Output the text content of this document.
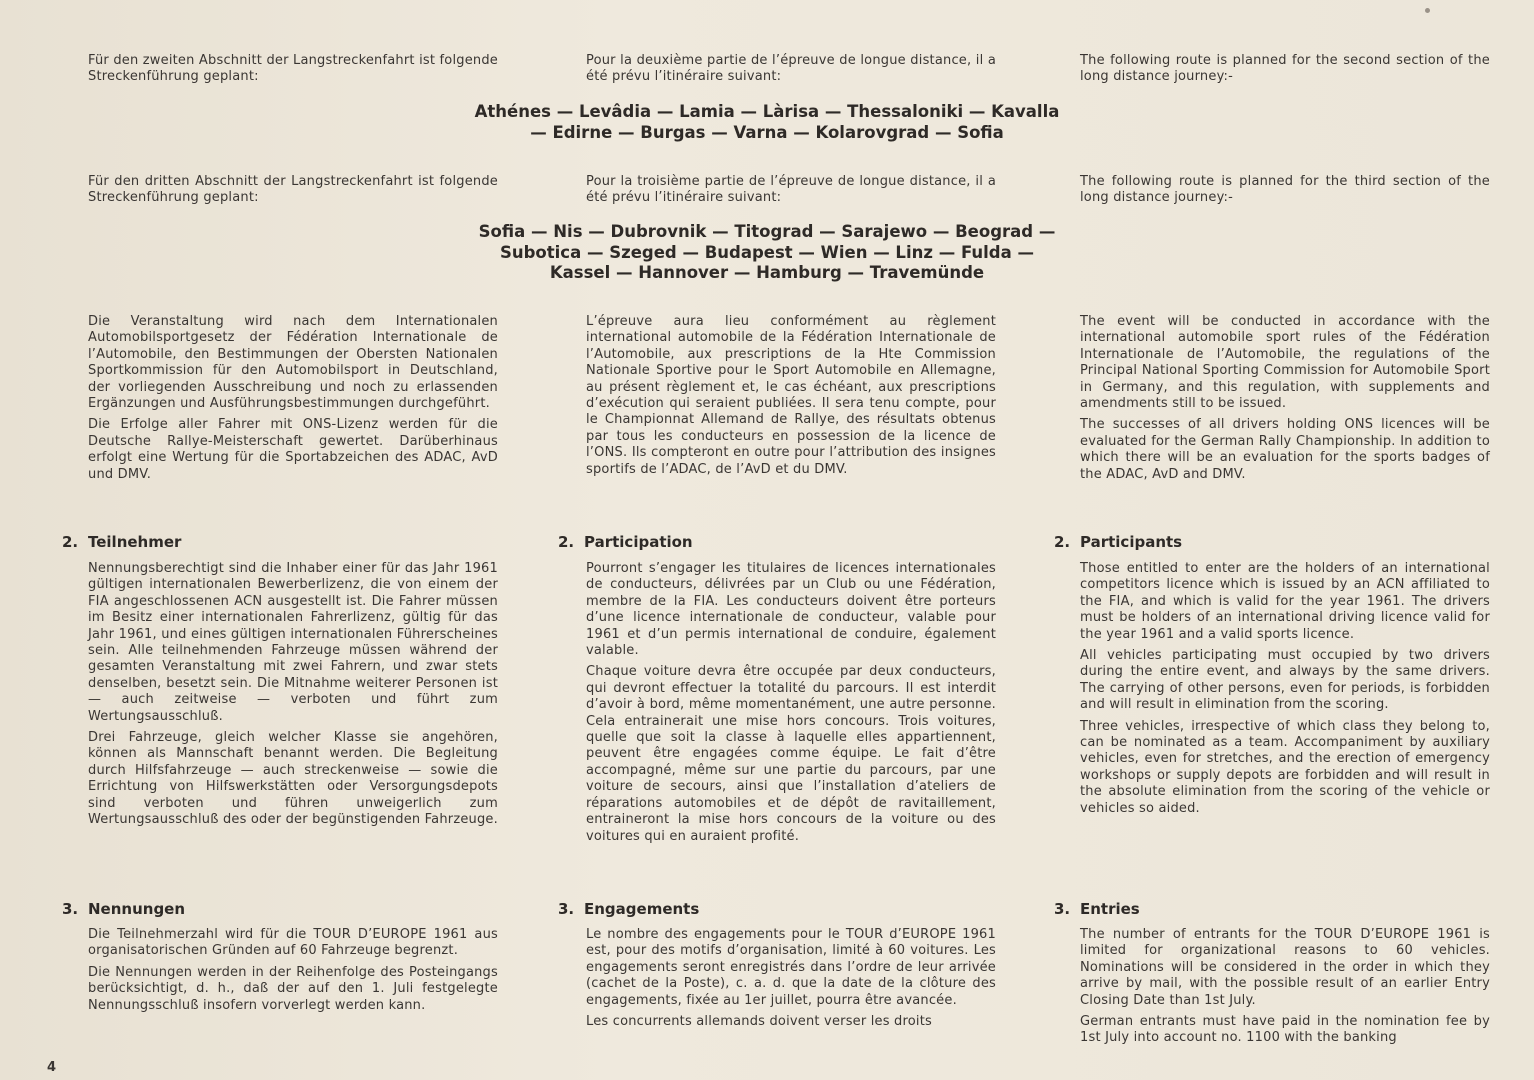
Für den zweiten Abschnitt der Langstreckenfahrt ist folgende Streckenführung geplant:

Pour la deuxième partie de l’épreuve de longue distance, il a été prévu l’itinéraire suivant:

The following route is planned for the second section of the long distance journey:-

Athénes — Levâdia — Lamia — Làrisa — Thessaloniki — Kavalla
— Edirne — Burgas — Varna — Kolarovgrad — Sofia

Für den dritten Abschnitt der Langstreckenfahrt ist folgende Streckenführung geplant:

Pour la troisième partie de l’épreuve de longue distance, il a été prévu l’itinéraire suivant:

The following route is planned for the third section of the long distance journey:-

Sofia — Nis — Dubrovnik — Titograd — Sarajewo — Beograd —
Subotica — Szeged — Budapest — Wien — Linz — Fulda —
Kassel — Hannover — Hamburg — Travemünde

Die Veranstaltung wird nach dem Internationalen Automobilsportgesetz der Fédération Internationale de l’Automobile, den Bestimmungen der Obersten Nationalen Sportkommission für den Automobilsport in Deutschland, der vorliegenden Ausschreibung und noch zu erlassenden Ergänzungen und Ausführungsbestimmungen durchgeführt.

Die Erfolge aller Fahrer mit ONS-Lizenz werden für die Deutsche Rallye-Meisterschaft gewertet. Darüberhinaus erfolgt eine Wertung für die Sportabzeichen des ADAC, AvD und DMV.

L’épreuve aura lieu conformément au règlement international automobile de la Fédération Internationale de l’Automobile, aux prescriptions de la Hte Commission Nationale Sportive pour le Sport Automobile en Allemagne, au présent règlement et, le cas échéant, aux prescriptions d’exécution qui seraient publiées. Il sera tenu compte, pour le Championnat Allemand de Rallye, des résultats obtenus par tous les conducteurs en possession de la licence de l’ONS. Ils compteront en outre pour l’attribution des insignes sportifs de l’ADAC, de l’AvD et du DMV.

The event will be conducted in accordance with the international automobile sport rules of the Fédération Internationale de l’Automobile, the regulations of the Principal National Sporting Commission for Automobile Sport in Germany, and this regulation, with supplements and amendments still to be issued.

The successes of all drivers holding ONS licences will be evaluated for the German Rally Championship. In addition to which there will be an evaluation for the sports badges of the ADAC, AvD and DMV.

2. Teilnehmer	2. Participation	2. Participants

Nennungsberechtigt sind die Inhaber einer für das Jahr 1961 gültigen internationalen Bewerberlizenz, die von einem der FIA angeschlossenen ACN ausgestellt ist. Die Fahrer müssen im Besitz einer internationalen Fahrerlizenz, gültig für das Jahr 1961, und eines gültigen internationalen Führerscheines sein. Alle teilnehmenden Fahrzeuge müssen während der gesamten Veranstaltung mit zwei Fahrern, und zwar stets denselben, besetzt sein. Die Mitnahme weiterer Personen ist — auch zeitweise — verboten und führt zum Wertungsausschluß.

Drei Fahrzeuge, gleich welcher Klasse sie angehören, können als Mannschaft benannt werden. Die Begleitung durch Hilfsfahrzeuge — auch streckenweise — sowie die Errichtung von Hilfswerkstätten oder Versorgungsdepots sind verboten und führen unweigerlich zum Wertungsausschluß des oder der begünstigenden Fahrzeuge.

Pourront s’engager les titulaires de licences internationales de conducteurs, délivrées par un Club ou une Fédération, membre de la FIA. Les conducteurs doivent être porteurs d’une licence internationale de conducteur, valable pour 1961 et d’un permis international de conduire, également valable.

Chaque voiture devra être occupée par deux conducteurs, qui devront effectuer la totalité du parcours. Il est interdit d’avoir à bord, même momentanément, une autre personne. Cela entrainerait une mise hors concours. Trois voitures, quelle que soit la classe à laquelle elles appartiennent, peuvent être engagées comme équipe. Le fait d’être accompagné, même sur une partie du parcours, par une voiture de secours, ainsi que l’installation d’ateliers de réparations automobiles et de dépôt de ravitaillement, entraineront la mise hors concours de la voiture ou des voitures qui en auraient profité.

Those entitled to enter are the holders of an international competitors licence which is issued by an ACN affiliated to the FIA, and which is valid for the year 1961. The drivers must be holders of an international driving licence valid for the year 1961 and a valid sports licence.

All vehicles participating must occupied by two drivers during the entire event, and always by the same drivers. The carrying of other persons, even for periods, is forbidden and will result in elimination from the scoring.

Three vehicles, irrespective of which class they belong to, can be nominated as a team. Accompaniment by auxiliary vehicles, even for stretches, and the erection of emergency workshops or supply depots are forbidden and will result in the absolute elimination from the scoring of the vehicle or vehicles so aided.

3. Nennungen	3. Engagements	3. Entries

Die Teilnehmerzahl wird für die TOUR D’EUROPE 1961 aus organisatorischen Gründen auf 60 Fahrzeuge begrenzt.

Die Nennungen werden in der Reihenfolge des Posteingangs berücksichtigt, d. h., daß der auf den 1. Juli festgelegte Nennungsschluß insofern vorverlegt werden kann.

Le nombre des engagements pour le TOUR d’EUROPE 1961 est, pour des motifs d’organisation, limité à 60 voitures. Les engagements seront enregistrés dans l’ordre de leur arrivée (cachet de la Poste), c. a. d. que la date de la clôture des engagements, fixée au 1er juillet, pourra être avancée.

Les concurrents allemands doivent verser les droits

The number of entrants for the TOUR D’EUROPE 1961 is limited for organizational reasons to 60 vehicles. Nominations will be considered in the order in which they arrive by mail, with the possible result of an earlier Entry Closing Date than 1st July.

German entrants must have paid in the nomination fee by 1st July into account no. 1100 with the banking

4
